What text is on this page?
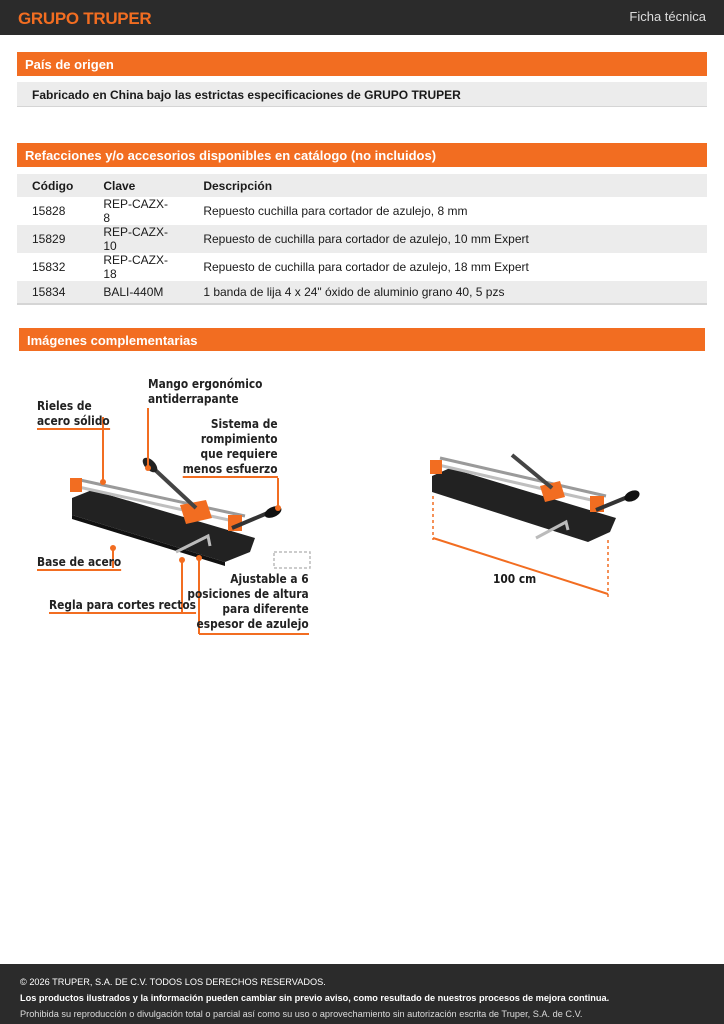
GRUPO TRUPER	Ficha técnica
País de origen
Fabricado en China bajo las estrictas especificaciones de GRUPO TRUPER
Refacciones y/o accesorios disponibles en catálogo (no incluidos)
Código	Clave	Descripción
15828	REP-CAZX-8	Repuesto cuchilla para cortador de azulejo, 8 mm
15829	REP-CAZX-10	Repuesto de cuchilla para cortador de azulejo, 10 mm Expert
15832	REP-CAZX-18	Repuesto de cuchilla para cortador de azulejo, 18 mm Expert
15834	BALI-440M	1 banda de lija 4 x 24" óxido de aluminio grano 40, 5 pzs
Imágenes complementarias
Rieles de
acero sólido
Mango ergonómico
antiderrapante
Sistema de
rompimiento
que requiere
menos esfuerzo
Base de acero
Regla para cortes rectos
Ajustable a 6
posiciones de altura
para diferente
espesor de azulejo
100 cm
© 2026 TRUPER, S.A. DE C.V. TODOS LOS DERECHOS RESERVADOS.
Los productos ilustrados y la información pueden cambiar sin previo aviso, como resultado de nuestros procesos de mejora continua.
Prohibida su reproducción o divulgación total o parcial así como su uso o aprovechamiento sin autorización escrita de Truper, S.A. de C.V.
